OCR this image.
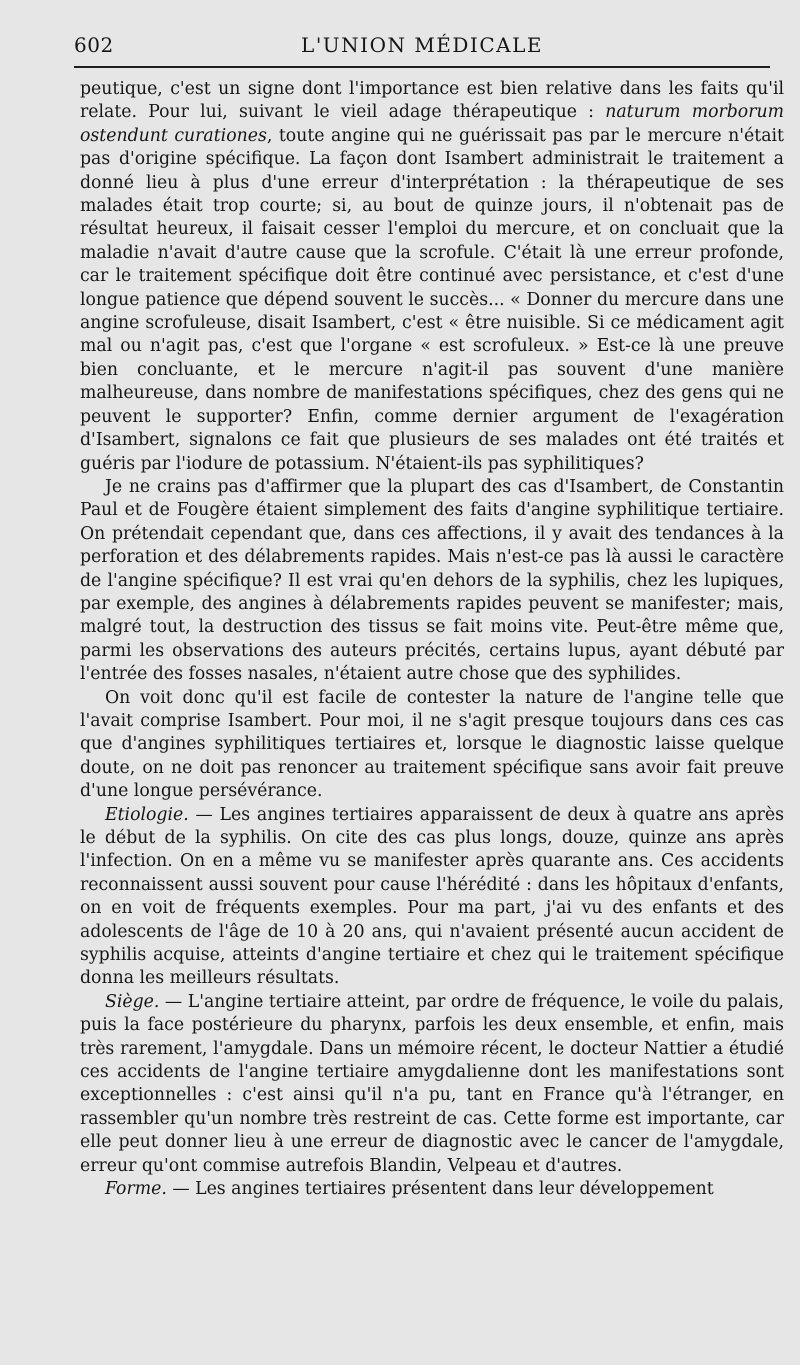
602	L'UNION MÉDICALE

peutique, c'est un signe dont l'importance est bien relative dans les faits qu'il relate. Pour lui, suivant le vieil adage thérapeutique : naturum morborum ostendunt curationes, toute angine qui ne guérissait pas par le mercure n'était pas d'origine spécifique. La façon dont Isambert administrait le traitement a donné lieu à plus d'une erreur d'interprétation : la thérapeutique de ses malades était trop courte; si, au bout de quinze jours, il n'obtenait pas de résultat heureux, il faisait cesser l'emploi du mercure, et on concluait que la maladie n'avait d'autre cause que la scrofule. C'était là une erreur profonde, car le traitement spécifique doit être continué avec persistance, et c'est d'une longue patience que dépend souvent le succès... « Donner du mercure dans une angine scrofuleuse, disait Isambert, c'est « être nuisible. Si ce médicament agit mal ou n'agit pas, c'est que l'organe « est scrofuleux. » Est-ce là une preuve bien concluante, et le mercure n'agit-il pas souvent d'une manière malheureuse, dans nombre de manifestations spécifiques, chez des gens qui ne peuvent le supporter? Enfin, comme dernier argument de l'exagération d'Isambert, signalons ce fait que plusieurs de ses malades ont été traités et guéris par l'iodure de potassium. N'étaient-ils pas syphilitiques?

Je ne crains pas d'affirmer que la plupart des cas d'Isambert, de Constantin Paul et de Fougère étaient simplement des faits d'angine syphilitique tertiaire. On prétendait cependant que, dans ces affections, il y avait des tendances à la perforation et des délabrements rapides. Mais n'est-ce pas là aussi le caractère de l'angine spécifique? Il est vrai qu'en dehors de la syphilis, chez les lupiques, par exemple, des angines à délabrements rapides peuvent se manifester; mais, malgré tout, la destruction des tissus se fait moins vite. Peut-être même que, parmi les observations des auteurs précités, certains lupus, ayant débuté par l'entrée des fosses nasales, n'étaient autre chose que des syphilides.

On voit donc qu'il est facile de contester la nature de l'angine telle que l'avait comprise Isambert. Pour moi, il ne s'agit presque toujours dans ces cas que d'angines syphilitiques tertiaires et, lorsque le diagnostic laisse quelque doute, on ne doit pas renoncer au traitement spécifique sans avoir fait preuve d'une longue persévérance.

Etiologie. — Les angines tertiaires apparaissent de deux à quatre ans après le début de la syphilis. On cite des cas plus longs, douze, quinze ans après l'infection. On en a même vu se manifester après quarante ans. Ces accidents reconnaissent aussi souvent pour cause l'hérédité : dans les hôpitaux d'enfants, on en voit de fréquents exemples. Pour ma part, j'ai vu des enfants et des adolescents de l'âge de 10 à 20 ans, qui n'avaient présenté aucun accident de syphilis acquise, atteints d'angine tertiaire et chez qui le traitement spécifique donna les meilleurs résultats.

Siège. — L'angine tertiaire atteint, par ordre de fréquence, le voile du palais, puis la face postérieure du pharynx, parfois les deux ensemble, et enfin, mais très rarement, l'amygdale. Dans un mémoire récent, le docteur Nattier a étudié ces accidents de l'angine tertiaire amygdalienne dont les manifestations sont exceptionnelles : c'est ainsi qu'il n'a pu, tant en France qu'à l'étranger, en rassembler qu'un nombre très restreint de cas. Cette forme est importante, car elle peut donner lieu à une erreur de diagnostic avec le cancer de l'amygdale, erreur qu'ont commise autrefois Blandin, Velpeau et d'autres.

Forme. — Les angines tertiaires présentent dans leur développement
